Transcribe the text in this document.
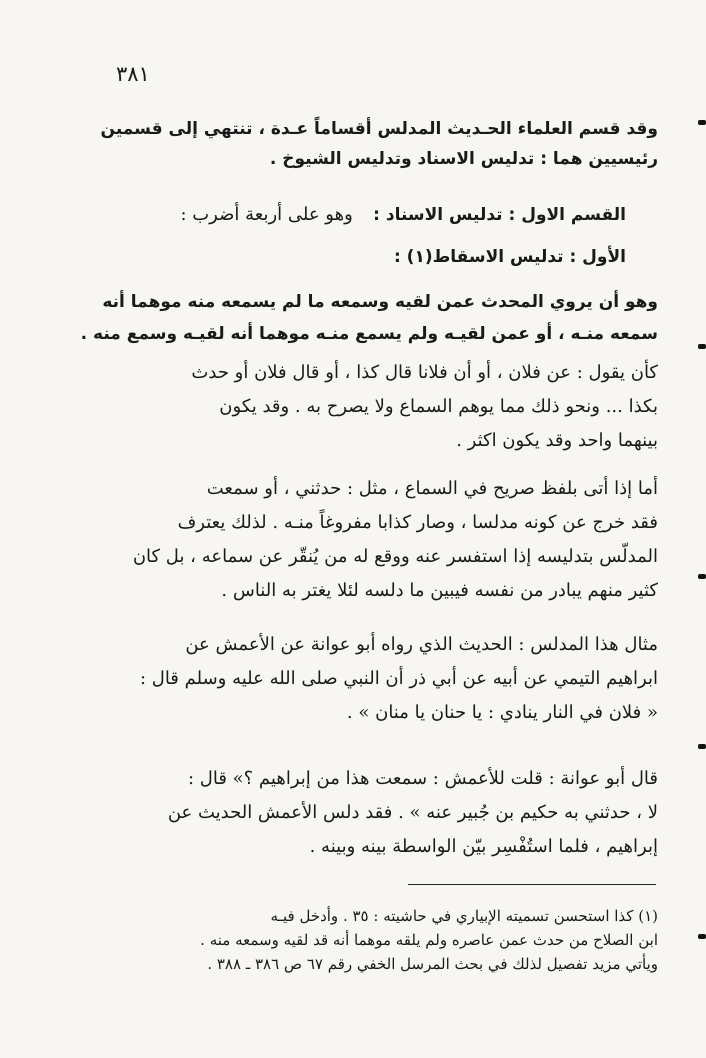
٣٨١
وقد قسم العلماء الحـديث المدلس أقساماً عـدة ، تنتهي إلى قسمين
رئيسيين هما : تدليس الاسناد وتدليس الشيوخ .
القسم الاول : تدليس الاسناد :    وهو على أربعة أضرب :
الأول : تدليس الاسقاط(١) :
وهو أن يروي المحدث عمن لقيه وسمعه ما لم يسمعه منه موهما أنه
سمعه منـه ، أو عمن لقيـه ولم يسمع منـه موهما أنه لقيـه وسمع منه .
كأن يقول : عن فلان ، أو أن فلانا قال كذا ، أو قال فلان أو حدث
بكذا ... ونحو ذلك مما يوهم السماع ولا يصرح به . وقد يكون
بينهما واحد وقد يكون اكثر .
أما إذا أتى بلفظ صريح في السماع ، مثل : حدثني ، أو سمعت
فقد خرج عن كونه مدلسا ، وصار كذابا مفروغاً منـه . لذلك يعترف
المدلّس بتدليسه إذا استفسر عنه ووقع له من يُنقّر عن سماعه ، بل كان
كثير منهم يبادر من نفسه فيبين ما دلسه لئلا يغتر به الناس .
مثال هذا المدلس : الحديث الذي رواه أبو عوانة عن الأعمش عن
ابراهيم التيمي عن أبيه عن أبي ذر أن النبي صلى الله عليه وسلم قال :
« فلان في النار ينادي : يا حنان يا منان » .
قال أبو عوانة : قلت للأعمش : سمعت هذا من إبراهيم ؟» قال :
لا ، حدثني به حكيم بن جُبير عنه » . فقد دلس الأعمش الحديث عن
إبراهيم ، فلما استُفْسِر بيّن الواسطة بينه وبينه .
(١) كذا استحسن تسميته الإبياري في حاشيته : ٣٥ . وأدخل فيـه
ابن الصلاح من حدث عمن عاصره ولم يلقه موهما أنه قد لقيه وسمعه منه .
ويأتي مزيد تفصيل لذلك في بحث المرسل الخفي رقم ٦٧ ص ٣٨٦ ـ ٣٨٨ .
